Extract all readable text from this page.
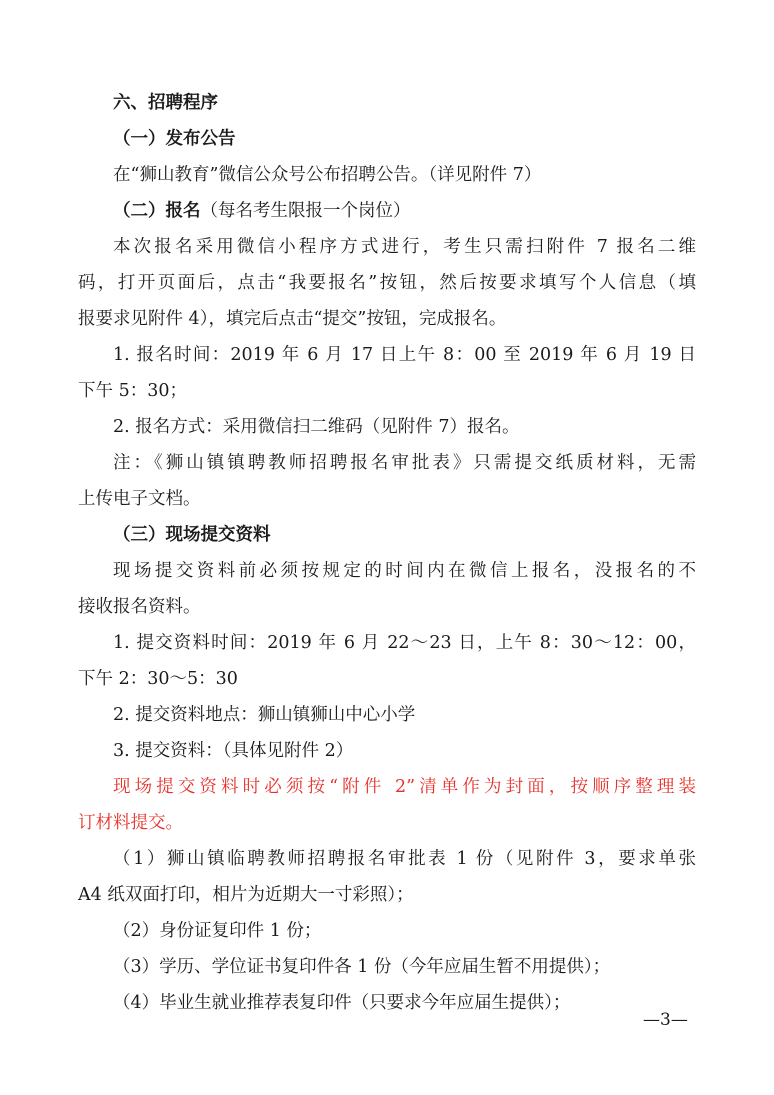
六、招聘程序
（一）发布公告
在“狮山教育”微信公众号公布招聘公告。（详见附件 7）
（二）报名（每名考生限报一个岗位）
本次报名采用微信小程序方式进行，考生只需扫附件 7 报名二维
码，打开页面后，点击“我要报名”按钮，然后按要求填写个人信息（填
报要求见附件 4），填完后点击“提交”按钮，完成报名。
1. 报名时间：2019 年 6 月 17 日上午 8：00 至 2019 年 6 月 19 日
下午 5：30；
2. 报名方式：采用微信扫二维码（见附件 7）报名。
注：《狮山镇镇聘教师招聘报名审批表》只需提交纸质材料，无需
上传电子文档。
（三）现场提交资料
现场提交资料前必须按规定的时间内在微信上报名，没报名的不
接收报名资料。
1. 提交资料时间：2019 年 6 月 22～23 日，上午 8：30～12：00，
下午 2：30～5：30
2. 提交资料地点：狮山镇狮山中心小学
3. 提交资料：（具体见附件 2）
现场提交资料时必须按“附件 2”清单作为封面，按顺序整理装
订材料提交。
（1）狮山镇临聘教师招聘报名审批表 1 份（见附件 3，要求单张
A4 纸双面打印，相片为近期大一寸彩照）；
（2）身份证复印件 1 份；
（3）学历、学位证书复印件各 1 份（今年应届生暂不用提供）；
（4）毕业生就业推荐表复印件（只要求今年应届生提供）；
—3—
